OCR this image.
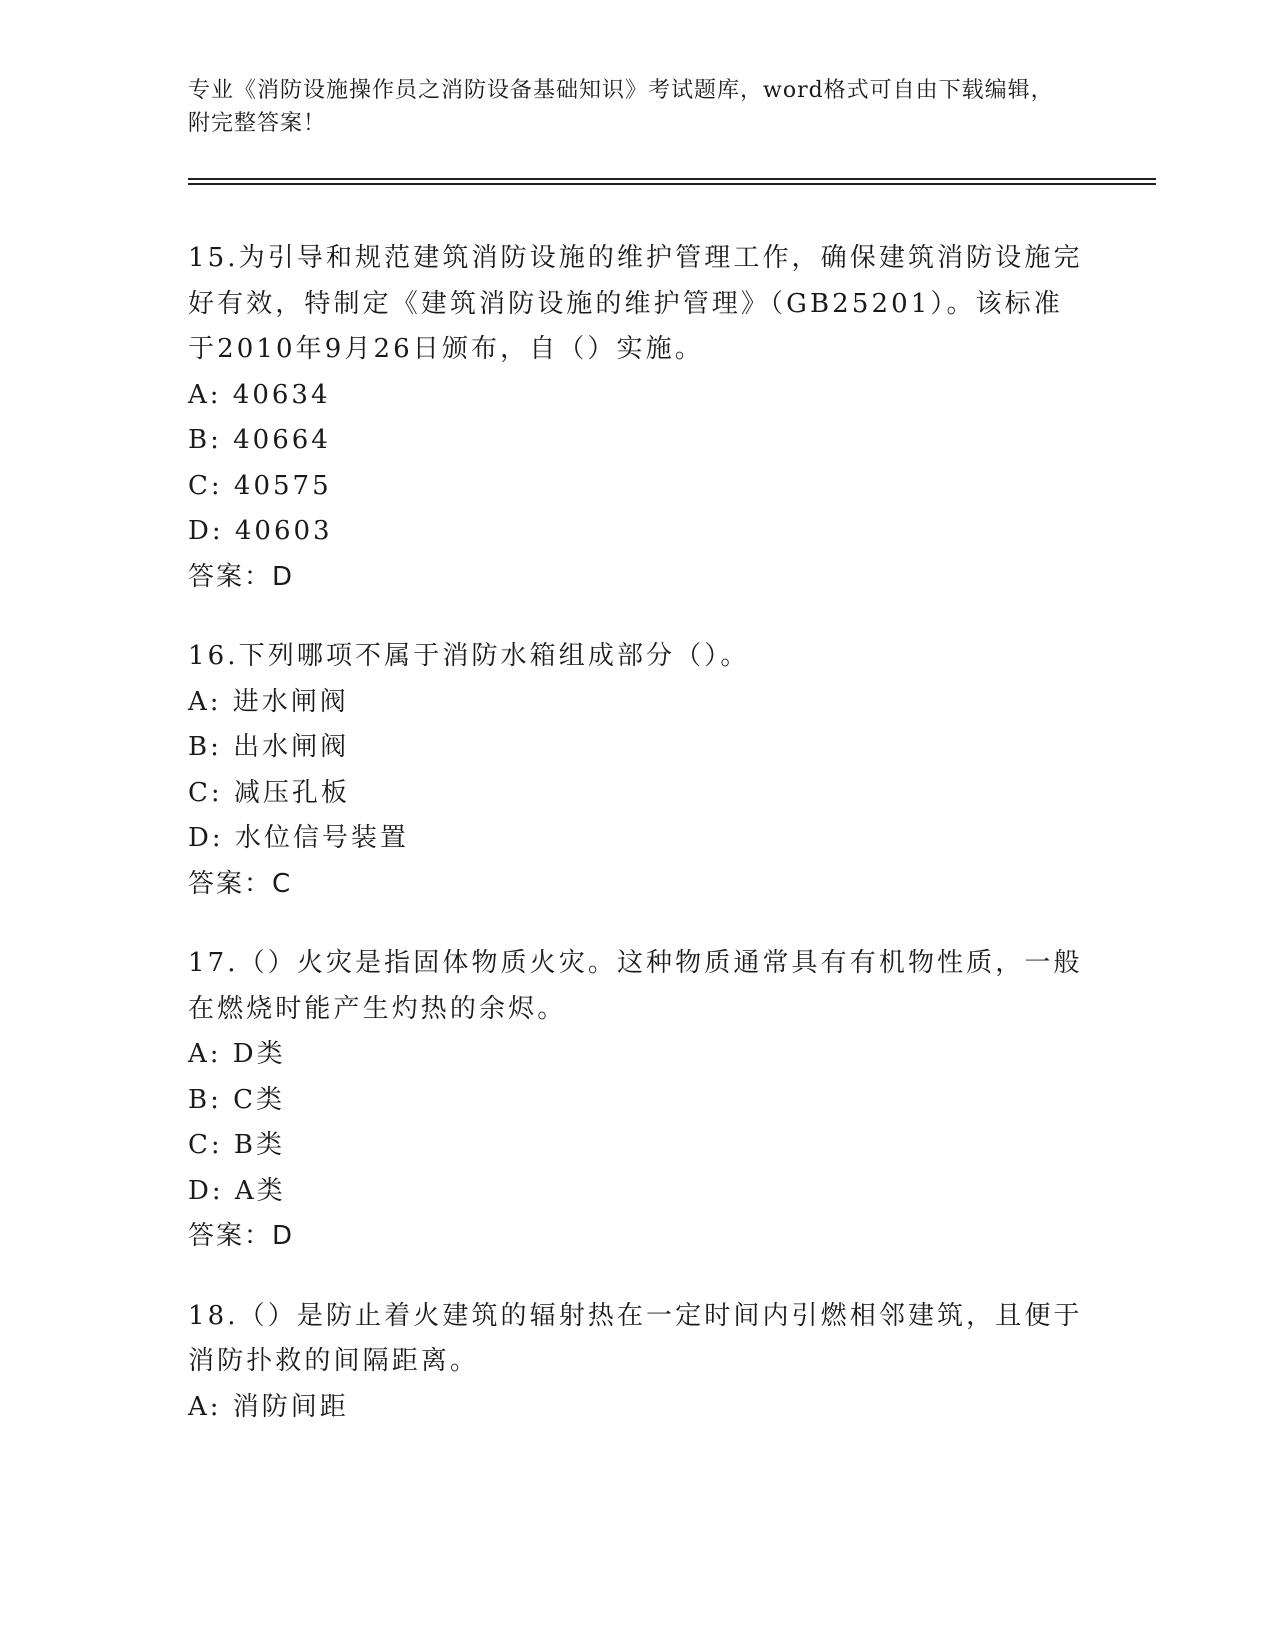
专业《消防设施操作员之消防设备基础知识》考试题库，word格式可自由下载编辑，附完整答案！

15.为引导和规范建筑消防设施的维护管理工作，确保建筑消防设施完好有效，特制定《建筑消防设施的维护管理》（GB25201）。该标准于2010年9月26日颁布，自（）实施。

A: 40634

B: 40664

C: 40575

D: 40603

答案：D

16.下列哪项不属于消防水箱组成部分（）。

A: 进水闸阀

B: 出水闸阀

C: 减压孔板

D: 水位信号装置

答案：C

17.（）火灾是指固体物质火灾。这种物质通常具有有机物性质，一般在燃烧时能产生灼热的余烬。

A: D类

B: C类

C: B类

D: A类

答案：D

18.（）是防止着火建筑的辐射热在一定时间内引燃相邻建筑，且便于消防扑救的间隔距离。

A: 消防间距
